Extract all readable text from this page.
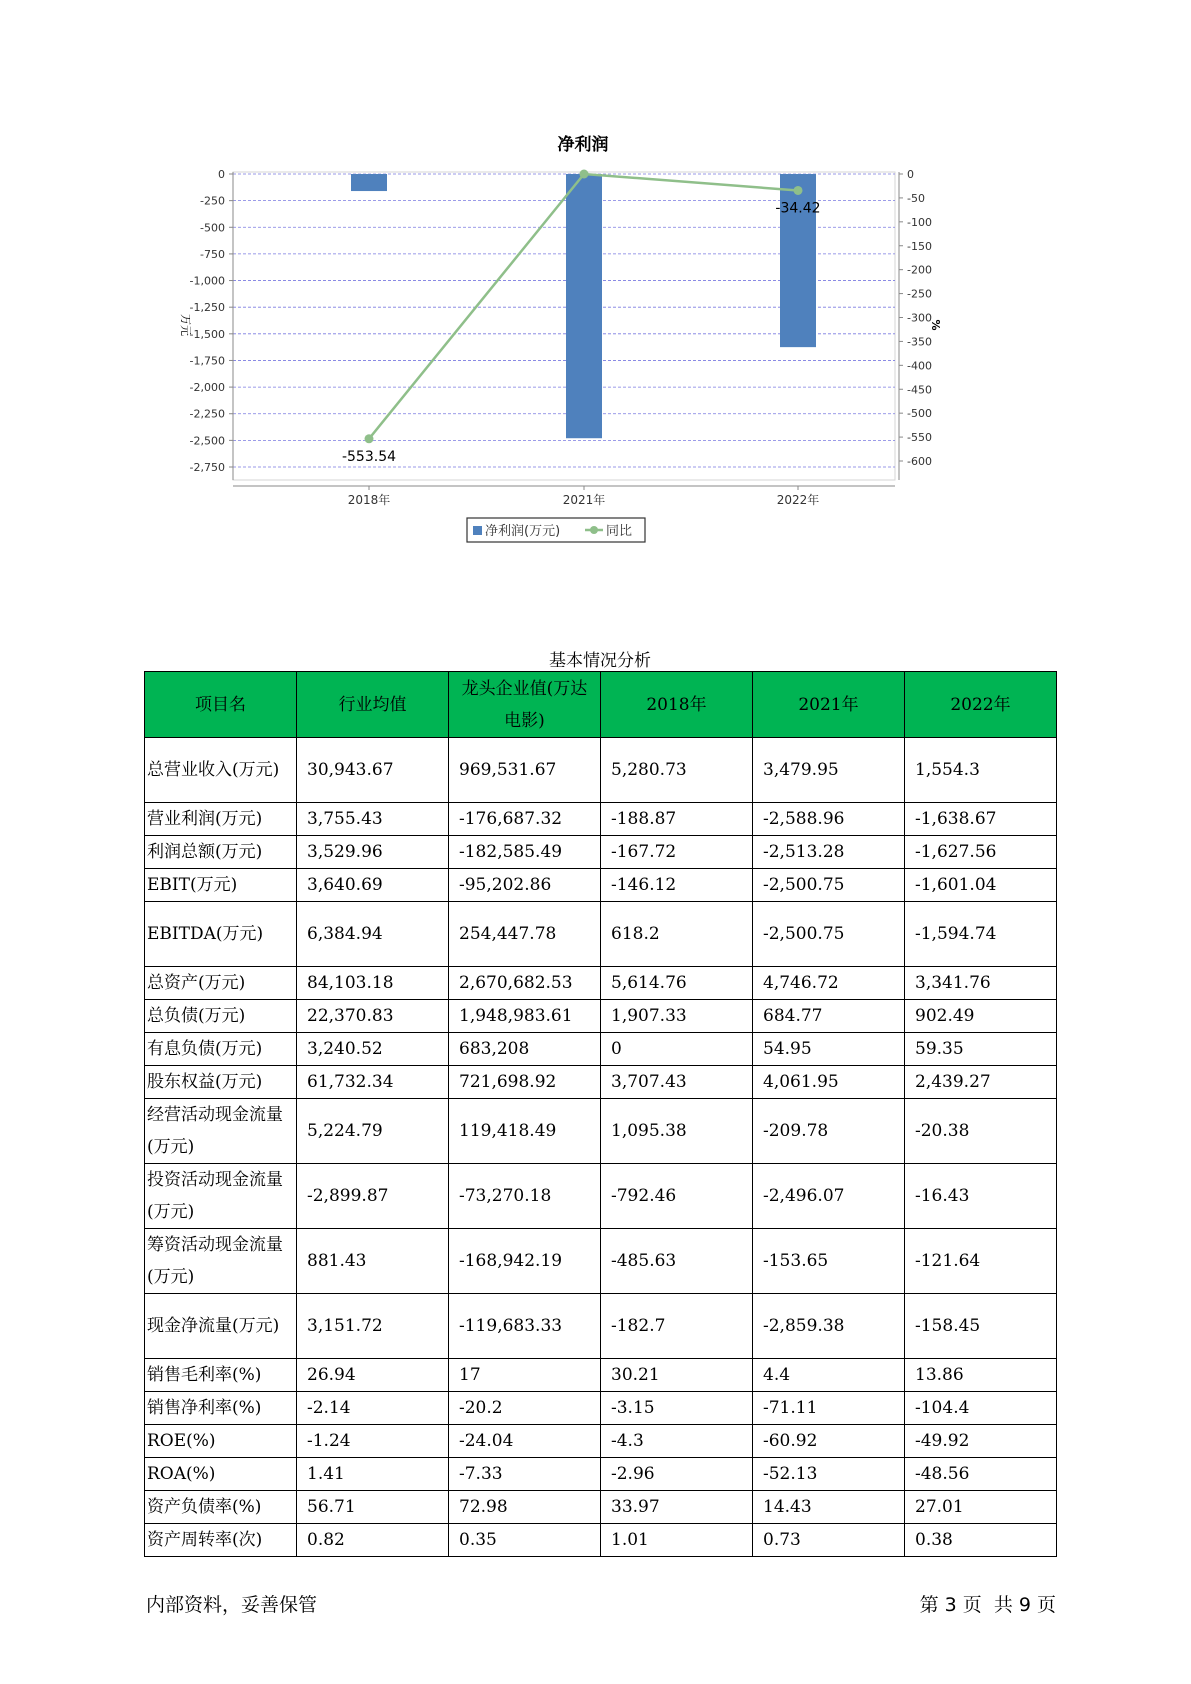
净利润
0
-250
-500
-750
-1,000
-1,250
-1,500
-1,750
-2,000
-2,250
-2,500
-2,750
0
-50
-100
-150
-200
-250
-300
-350
-400
-450
-500
-550
-600
万元	%
2018年	2021年	2022年
-553.54
-34.42
净利润(万元)	同比
基本情况分析
项目名	行业均值	龙头企业值(万达电影)	2018年	2021年	2022年
总营业收入(万元)	30,943.67	969,531.67	5,280.73	3,479.95	1,554.3
营业利润(万元)	3,755.43	-176,687.32	-188.87	-2,588.96	-1,638.67
利润总额(万元)	3,529.96	-182,585.49	-167.72	-2,513.28	-1,627.56
EBIT(万元)	3,640.69	-95,202.86	-146.12	-2,500.75	-1,601.04
EBITDA(万元)	6,384.94	254,447.78	618.2	-2,500.75	-1,594.74
总资产(万元)	84,103.18	2,670,682.53	5,614.76	4,746.72	3,341.76
总负债(万元)	22,370.83	1,948,983.61	1,907.33	684.77	902.49
有息负债(万元)	3,240.52	683,208	0	54.95	59.35
股东权益(万元)	61,732.34	721,698.92	3,707.43	4,061.95	2,439.27
经营活动现金流量(万元)	5,224.79	119,418.49	1,095.38	-209.78	-20.38
投资活动现金流量(万元)	-2,899.87	-73,270.18	-792.46	-2,496.07	-16.43
筹资活动现金流量(万元)	881.43	-168,942.19	-485.63	-153.65	-121.64
现金净流量(万元)	3,151.72	-119,683.33	-182.7	-2,859.38	-158.45
销售毛利率(%)	26.94	17	30.21	4.4	13.86
销售净利率(%)	-2.14	-20.2	-3.15	-71.11	-104.4
ROE(%)	-1.24	-24.04	-4.3	-60.92	-49.92
ROA(%)	1.41	-7.33	-2.96	-52.13	-48.56
资产负债率(%)	56.71	72.98	33.97	14.43	27.01
资产周转率(次)	0.82	0.35	1.01	0.73	0.38
内部资料，妥善保管	第 3 页  共 9 页
